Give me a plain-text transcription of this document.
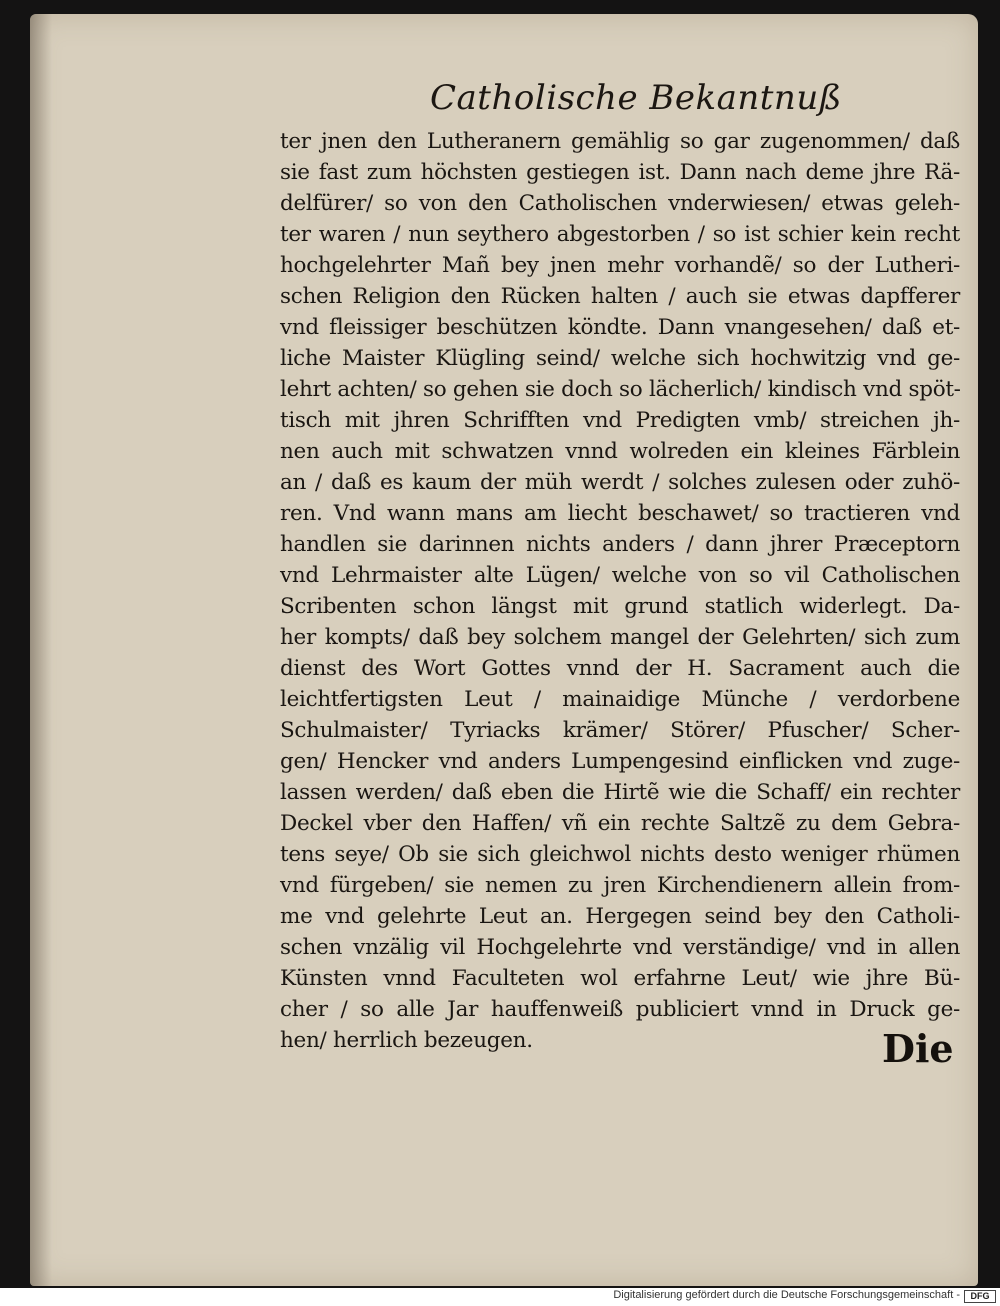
Catholische Bekantnuß
ter jnen den Lutheranern gemählig so gar zugenommen/ daß
sie fast zum höchsten gestiegen ist. Dann nach deme jhre Rä-
delfürer/ so von den Catholischen vnderwiesen/ etwas geleh-
ter waren / nun seythero abgestorben / so ist schier kein recht
hochgelehrter Mañ bey jnen mehr vorhandẽ/ so der Lutheri-
schen Religion den Rücken halten / auch sie etwas dapfferer
vnd fleissiger beschützen köndte. Dann vnangesehen/ daß et-
liche Maister Klügling seind/ welche sich hochwitzig vnd ge-
lehrt achten/ so gehen sie doch so lächerlich/ kindisch vnd spöt-
tisch mit jhren Schrifften vnd Predigten vmb/ streichen jh-
nen auch mit schwatzen vnnd wolreden ein kleines Färblein
an / daß es kaum der müh werdt / solches zulesen oder zuhö-
ren. Vnd wann mans am liecht beschawet/ so tractieren vnd
handlen sie darinnen nichts anders / dann jhrer Præceptorn
vnd Lehrmaister alte Lügen/ welche von so vil Catholischen
Scribenten schon längst mit grund statlich widerlegt. Da-
her kompts/ daß bey solchem mangel der Gelehrten/ sich zum
dienst des Wort Gottes vnnd der H. Sacrament auch die
leichtfertigsten Leut / mainaidige Münche / verdorbene
Schulmaister/ Tyriacks krämer/ Störer/ Pfuscher/ Scher-
gen/ Hencker vnd anders Lumpengesind einflicken vnd zuge-
lassen werden/ daß eben die Hirtẽ wie die Schaff/ ein rechter
Deckel vber den Haffen/ vñ ein rechte Saltzẽ zu dem Gebra-
tens seye/ Ob sie sich gleichwol nichts desto weniger rhümen
vnd fürgeben/ sie nemen zu jren Kirchendienern allein from-
me vnd gelehrte Leut an. Hergegen seind bey den Catholi-
schen vnzälig vil Hochgelehrte vnd verständige/ vnd in allen
Künsten vnnd Faculteten wol erfahrne Leut/ wie jhre Bü-
cher / so alle Jar hauffenweiß publiciert vnnd in Druck ge-
hen/ herrlich bezeugen.	Die
Digitalisierung gefördert durch die Deutsche Forschungsgemeinschaft -	DFG
